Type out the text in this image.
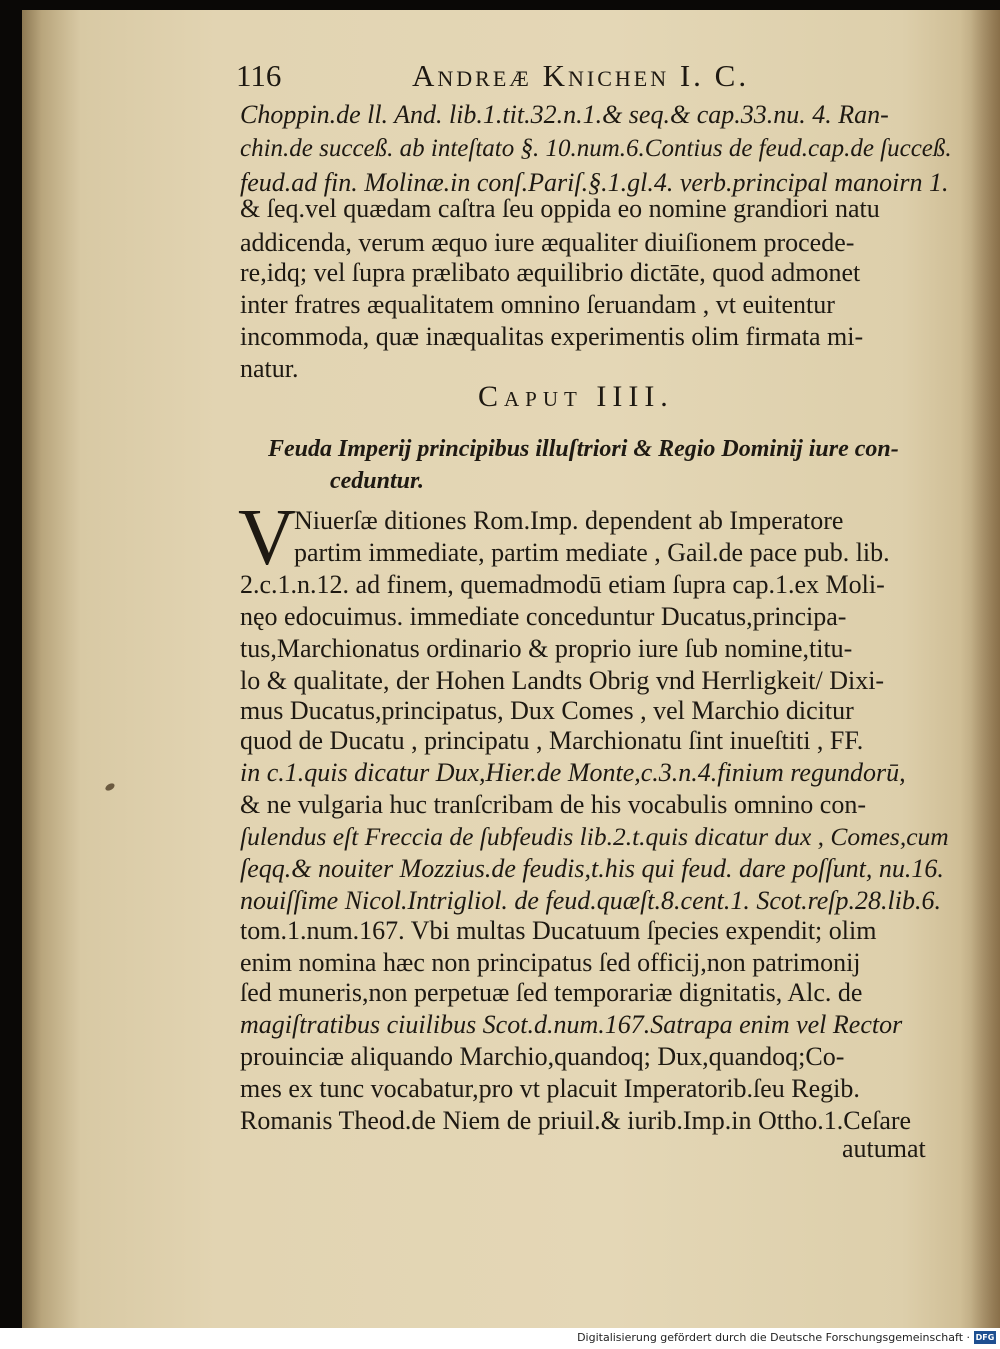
116	Andreæ Knichen I. C.
Choppin.de ll. And. lib.1.tit.32.n.1.& seq.& cap.33.nu. 4. Ran-
chin.de succeß. ab inteſtato §. 10.num.6.Contius de feud.cap.de ſucceß.
feud.ad fin. Molinæ.in conſ.Pariſ.§.1.gl.4. verb.principal manoirn 1.
& ſeq.vel quædam caſtra ſeu oppida eo nomine grandiori natu
addicenda, verum æquo iure æqualiter diuiſionem procede-
re,idq; vel ſupra prælibato æquilibrio dictāte, quod admonet
inter fratres æqualitatem omnino ſeruandam , vt euitentur
incommoda, quæ inæqualitas experimentis olim firmata mi-
natur.
Caput IIII.
Feuda Imperij principibus illuſtriori & Regio Dominij iure con-
ceduntur.
V
Niuerſæ ditiones Rom.Imp. dependent ab Imperatore
partim immediate, partim mediate , Gail.de pace pub. lib.
2.c.1.n.12. ad finem, quemadmodū etiam ſupra cap.1.ex Moli-
nęo edocuimus. immediate conceduntur Ducatus,principa-
tus,Marchionatus ordinario & proprio iure ſub nomine,titu-
lo & qualitate, der Hohen Landts Obrig vnd Herrligkeit/ Dixi-
mus Ducatus,principatus, Dux Comes , vel Marchio dicitur
quod de Ducatu , principatu , Marchionatu ſint inueſtiti , FF.
in c.1.quis dicatur Dux,Hier.de Monte,c.3.n.4.finium regundorū,
& ne vulgaria huc tranſcribam de his vocabulis omnino con-
ſulendus eſt Freccia de ſubfeudis lib.2.t.quis dicatur dux , Comes,cum
ſeqq.& nouiter Mozzius.de feudis,t.his qui feud. dare poſſunt, nu.16.
nouiſſime Nicol.Intrigliol. de feud.quæſt.8.cent.1. Scot.reſp.28.lib.6.
tom.1.num.167. Vbi multas Ducatuum ſpecies expendit; olim
enim nomina hæc non principatus ſed officij,non patrimonij
ſed muneris,non perpetuæ ſed temporariæ dignitatis, Alc. de
magiſtratibus ciuilibus Scot.d.num.167.Satrapa enim vel Rector
prouinciæ aliquando Marchio,quandoq; Dux,quandoq;Co-
mes ex tunc vocabatur,pro vt placuit Imperatorib.ſeu Regib.
Romanis Theod.de Niem de priuil.& iurib.Imp.in Ottho.1.Ceſare
autumat
Digitalisierung gefördert durch die Deutsche Forschungsgemeinschaft · DFG
